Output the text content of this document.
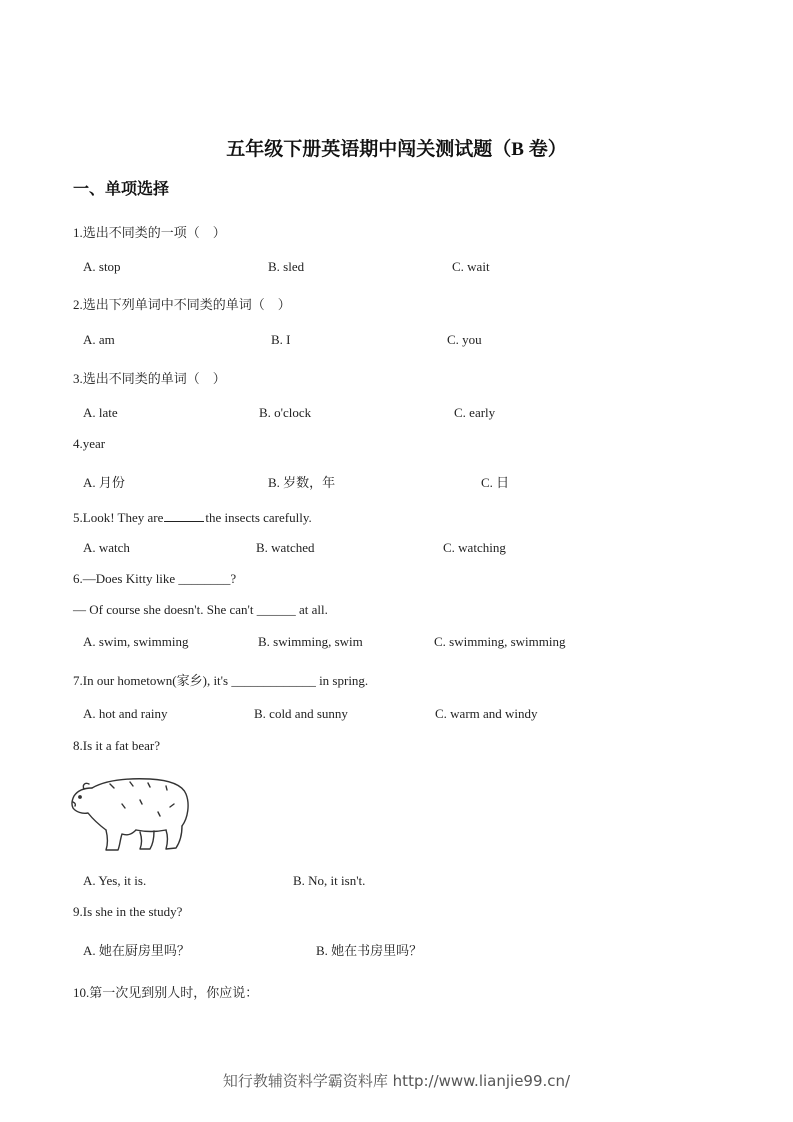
五年级下册英语期中闯关测试题（B 卷）
一、单项选择
1.选出不同类的一项（　）
A. stop	B. sled	C. wait
2.选出下列单词中不同类的单词（　）
A. am	B. I	C. you
3.选出不同类的单词（　）
A. late	B. o'clock	C. early
4.year
A. 月份	B. 岁数，年	C. 日
5.Look! They are	the insects carefully.
A. watch	B. watched	C. watching
6.—Does Kitty like ________?
— Of course she doesn't. She can't ______ at all.
A. swim, swimming	B. swimming, swim	C. swimming, swimming
7.In our hometown(家乡), it's _____________ in spring.
A. hot and rainy	B. cold and sunny	C. warm and windy
8.Is it a fat bear?
A. Yes, it is.	B. No, it isn't.
9.Is she in the study?
A. 她在厨房里吗？	B. 她在书房里吗？
10.第一次见到别人时，你应说：
知行教辅资料学霸资料库 http://www.lianjie99.cn/
